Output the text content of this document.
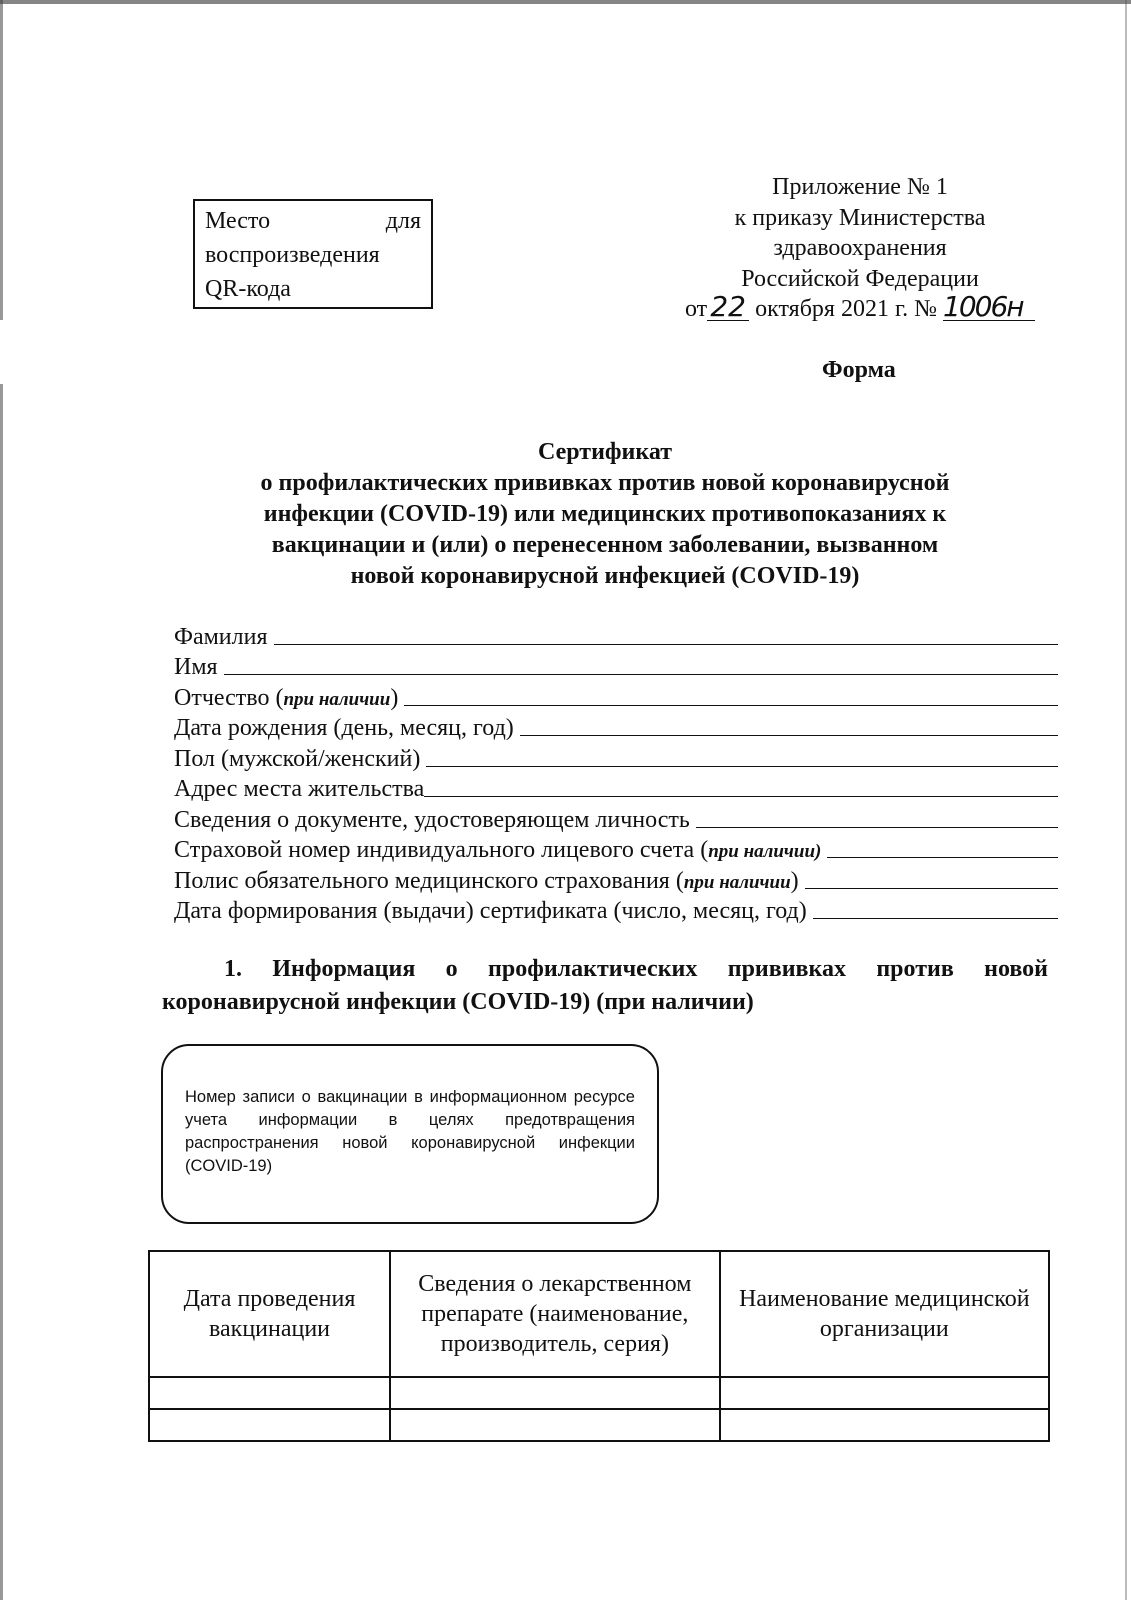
Место	для
воспроизведения
QR-кода
Приложение № 1
к приказу Министерства
здравоохранения
Российской Федерации
от 22 октября 2021 г. № 1006н
Форма
Сертификат
о профилактических прививках против новой коронавирусной
инфекции (COVID-19) или медицинских противопоказаниях к
вакцинации и (или) о перенесенном заболевании, вызванном
новой коронавирусной инфекцией (COVID-19)
Фамилия
Имя
Отчество (при наличии)
Дата рождения (день, месяц, год)
Пол (мужской/женский)
Адрес места жительства
Сведения о документе, удостоверяющем личность
Страховой номер индивидуального лицевого счета (при наличии)
Полис обязательного медицинского страхования (при наличии)
Дата формирования (выдачи) сертификата (число, месяц, год)
1. Информация о профилактических прививках против новой коронавирусной инфекции (COVID-19) (при наличии)
Номер записи о вакцинации в информационном ресурсе учета информации в целях предотвращения распространения новой коронавирусной инфекции (COVID-19)
Дата проведения вакцинации	Сведения о лекарственном препарате (наименование, производитель, серия)	Наименование медицинской организации
